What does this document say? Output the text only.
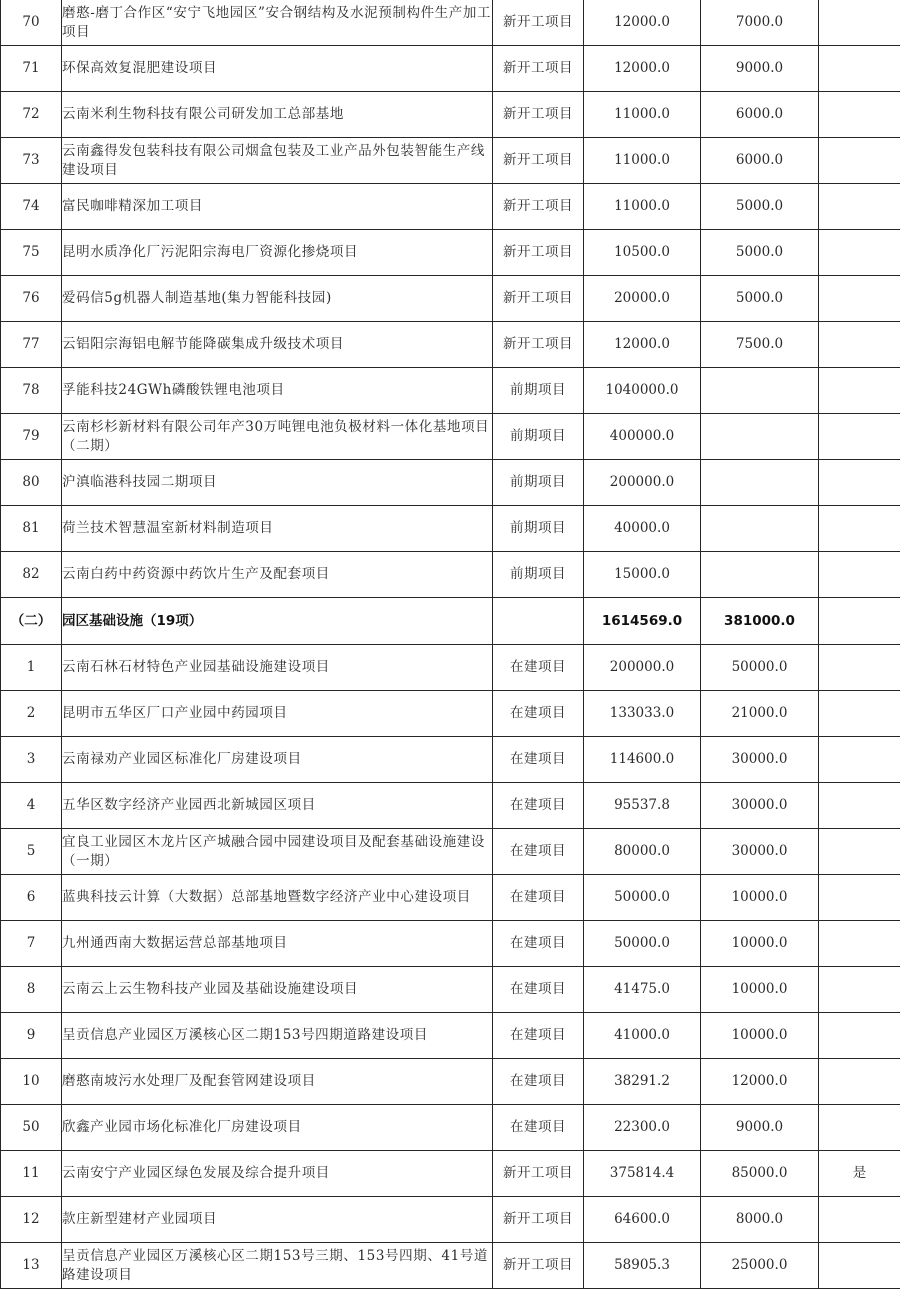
70	磨憨-磨丁合作区“安宁飞地园区”安合钢结构及水泥预制构件生产加工项目	新开工项目	12000.0	7000.0	
71	环保高效复混肥建设项目	新开工项目	12000.0	9000.0	
72	云南米利生物科技有限公司研发加工总部基地	新开工项目	11000.0	6000.0	
73	云南鑫得发包装科技有限公司烟盒包装及工业产品外包装智能生产线建设项目	新开工项目	11000.0	6000.0	
74	富民咖啡精深加工项目	新开工项目	11000.0	5000.0	
75	昆明水质净化厂污泥阳宗海电厂资源化掺烧项目	新开工项目	10500.0	5000.0	
76	爱码信5g机器人制造基地(集力智能科技园)	新开工项目	20000.0	5000.0	
77	云铝阳宗海铝电解节能降碳集成升级技术项目	新开工项目	12000.0	7500.0	
78	孚能科技24GWh磷酸铁锂电池项目	前期项目	1040000.0		
79	云南杉杉新材料有限公司年产30万吨锂电池负极材料一体化基地项目（二期）	前期项目	400000.0		
80	沪滇临港科技园二期项目	前期项目	200000.0		
81	荷兰技术智慧温室新材料制造项目	前期项目	40000.0		
82	云南白药中药资源中药饮片生产及配套项目	前期项目	15000.0		
（二）	园区基础设施（19项）		1614569.0	381000.0	
1	云南石林石材特色产业园基础设施建设项目	在建项目	200000.0	50000.0	
2	昆明市五华区厂口产业园中药园项目	在建项目	133033.0	21000.0	
3	云南禄劝产业园区标准化厂房建设项目	在建项目	114600.0	30000.0	
4	五华区数字经济产业园西北新城园区项目	在建项目	95537.8	30000.0	
5	宜良工业园区木龙片区产城融合园中园建设项目及配套基础设施建设（一期）	在建项目	80000.0	30000.0	
6	蓝典科技云计算（大数据）总部基地暨数字经济产业中心建设项目	在建项目	50000.0	10000.0	
7	九州通西南大数据运营总部基地项目	在建项目	50000.0	10000.0	
8	云南云上云生物科技产业园及基础设施建设项目	在建项目	41475.0	10000.0	
9	呈贡信息产业园区万溪核心区二期153号四期道路建设项目	在建项目	41000.0	10000.0	
10	磨憨南坡污水处理厂及配套管网建设项目	在建项目	38291.2	12000.0	
50	欣鑫产业园市场化标准化厂房建设项目	在建项目	22300.0	9000.0	
11	云南安宁产业园区绿色发展及综合提升项目	新开工项目	375814.4	85000.0	是
12	款庄新型建材产业园项目	新开工项目	64600.0	8000.0	
13	呈贡信息产业园区万溪核心区二期153号三期、153号四期、41号道路建设项目	新开工项目	58905.3	25000.0	
